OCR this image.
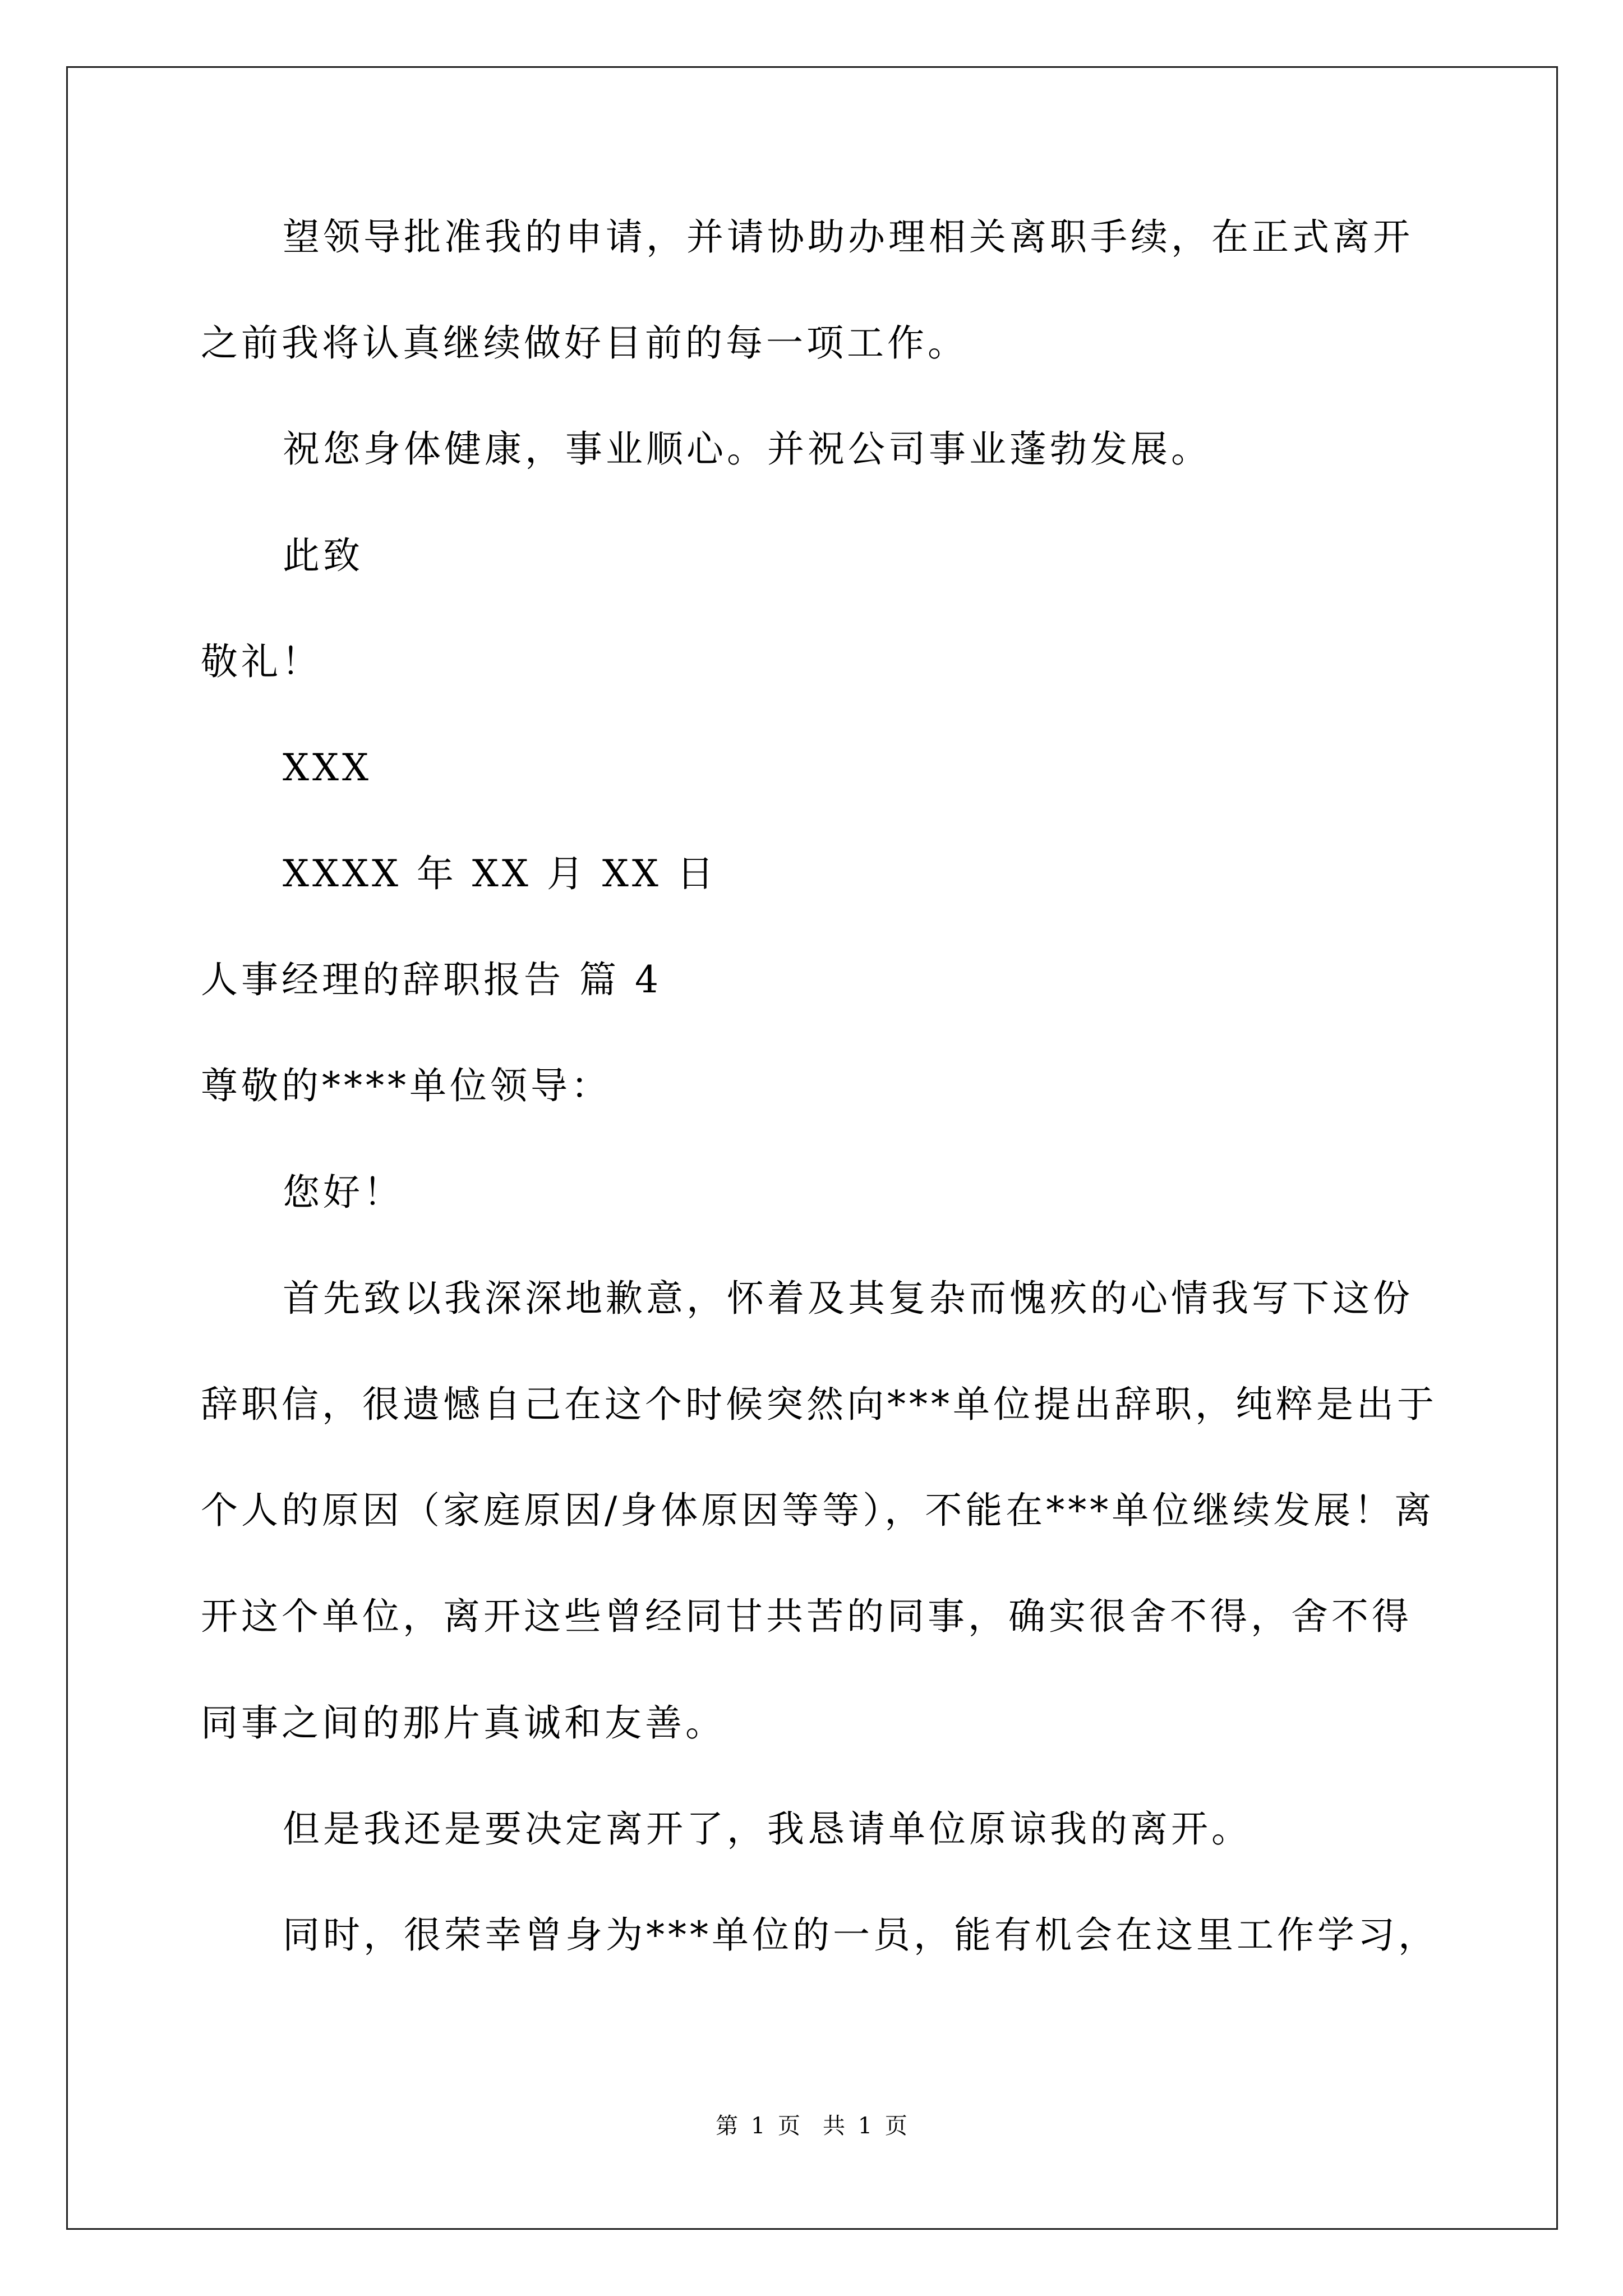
望领导批准我的申请，并请协助办理相关离职手续，在正式离开
之前我将认真继续做好目前的每一项工作。
祝您身体健康，事业顺心。并祝公司事业蓬勃发展。
此致
敬礼！
XXX
XXXX 年 XX 月 XX 日
人事经理的辞职报告 篇 4
尊敬的****单位领导：
您好！
首先致以我深深地歉意，怀着及其复杂而愧疚的心情我写下这份
辞职信，很遗憾自己在这个时候突然向***单位提出辞职，纯粹是出于
个人的原因（家庭原因/身体原因等等），不能在***单位继续发展！离
开这个单位，离开这些曾经同甘共苦的同事，确实很舍不得，舍不得
同事之间的那片真诚和友善。
但是我还是要决定离开了，我恳请单位原谅我的离开。
同时，很荣幸曾身为***单位的一员，能有机会在这里工作学习，
第 1 页　共 1 页
